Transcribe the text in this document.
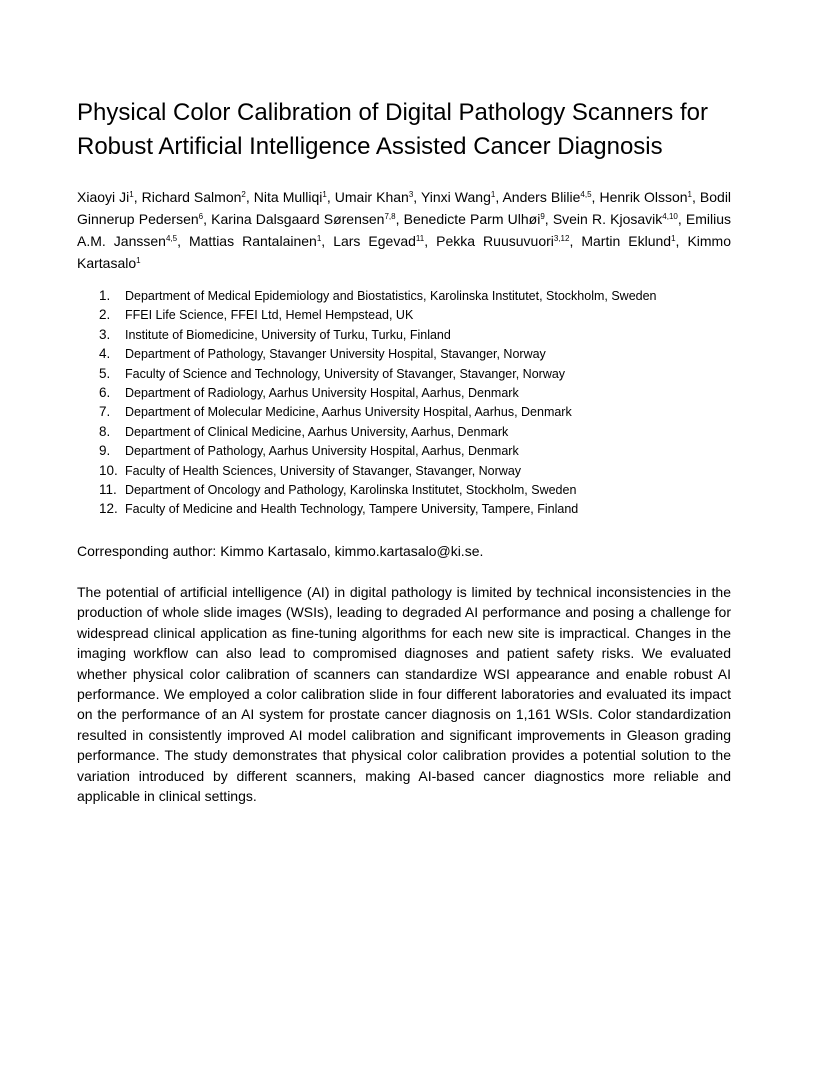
Physical Color Calibration of Digital Pathology Scanners for Robust Artificial Intelligence Assisted Cancer Diagnosis

Xiaoyi Ji$^1$, Richard Salmon$^2$, Nita Mulliqi$^1$, Umair Khan$^3$, Yinxi Wang$^1$, Anders Blilie$^{4,5}$, Henrik Olsson$^1$, Bodil Ginnerup Pedersen$^6$, Karina Dalsgaard Sørensen$^{7,8}$, Benedicte Parm Ulhøi$^9$, Svein R. Kjosavik$^{4,10}$, Emilius A.M. Janssen$^{4,5}$, Mattias Rantalainen$^1$, Lars Egevad$^{11}$, Pekka Ruusuvuori$^{3,12}$, Martin Eklund$^1$, Kimmo Kartasalo$^1$

1.	Department of Medical Epidemiology and Biostatistics, Karolinska Institutet, Stockholm, Sweden
2.	FFEI Life Science, FFEI Ltd, Hemel Hempstead, UK
3.	Institute of Biomedicine, University of Turku, Turku, Finland
4.	Department of Pathology, Stavanger University Hospital, Stavanger, Norway
5.	Faculty of Science and Technology, University of Stavanger, Stavanger, Norway
6.	Department of Radiology, Aarhus University Hospital, Aarhus, Denmark
7.	Department of Molecular Medicine, Aarhus University Hospital, Aarhus, Denmark
8.	Department of Clinical Medicine, Aarhus University, Aarhus, Denmark
9.	Department of Pathology, Aarhus University Hospital, Aarhus, Denmark
10. Faculty of Health Sciences, University of Stavanger, Stavanger, Norway
11. Department of Oncology and Pathology, Karolinska Institutet, Stockholm, Sweden
12. Faculty of Medicine and Health Technology, Tampere University, Tampere, Finland

Corresponding author: Kimmo Kartasalo, kimmo.kartasalo@ki.se.

The potential of artificial intelligence (AI) in digital pathology is limited by technical inconsistencies in the production of whole slide images (WSIs), leading to degraded AI performance and posing a challenge for widespread clinical application as fine-tuning algorithms for each new site is impractical. Changes in the imaging workflow can also lead to compromised diagnoses and patient safety risks. We evaluated whether physical color calibration of scanners can standardize WSI appearance and enable robust AI performance. We employed a color calibration slide in four different laboratories and evaluated its impact on the performance of an AI system for prostate cancer diagnosis on 1,161 WSIs. Color standardization resulted in consistently improved AI model calibration and significant improvements in Gleason grading performance. The study demonstrates that physical color calibration provides a potential solution to the variation introduced by different scanners, making AI-based cancer diagnostics more reliable and applicable in clinical settings.
